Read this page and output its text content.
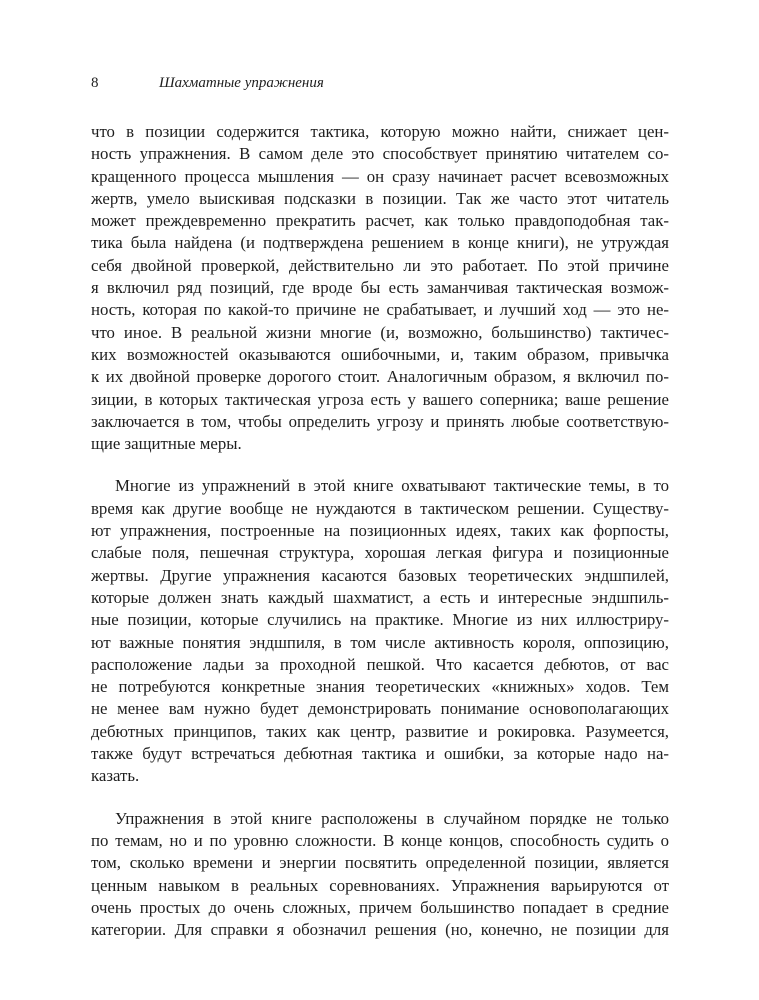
8	Шахматные упражнения
что в позиции содержится тактика, которую можно найти, снижает цен-
ность упражнения. В самом деле это способствует принятию читателем со-
кращенного процесса мышления — он сразу начинает расчет всевозможных
жертв, умело выискивая подсказки в позиции. Так же часто этот читатель
может преждевременно прекратить расчет, как только правдоподобная так-
тика была найдена (и подтверждена решением в конце книги), не утруждая
себя двойной проверкой, действительно ли это работает. По этой причине
я включил ряд позиций, где вроде бы есть заманчивая тактическая возмож-
ность, которая по какой-то причине не срабатывает, и лучший ход — это не-
что иное. В реальной жизни многие (и, возможно, большинство) тактичес-
ких возможностей оказываются ошибочными, и, таким образом, привычка
к их двойной проверке дорогого стоит. Аналогичным образом, я включил по-
зиции, в которых тактическая угроза есть у вашего соперника; ваше решение
заключается в том, чтобы определить угрозу и принять любые соответствую-
щие защитные меры.
Многие из упражнений в этой книге охватывают тактические темы, в то
время как другие вообще не нуждаются в тактическом решении. Существу-
ют упражнения, построенные на позиционных идеях, таких как форпосты,
слабые поля, пешечная структура, хорошая легкая фигура и позиционные
жертвы. Другие упражнения касаются базовых теоретических эндшпилей,
которые должен знать каждый шахматист, а есть и интересные эндшпиль-
ные позиции, которые случились на практике. Многие из них иллюстриру-
ют важные понятия эндшпиля, в том числе активность короля, оппозицию,
расположение ладьи за проходной пешкой. Что касается дебютов, от вас
не потребуются конкретные знания теоретических «книжных» ходов. Тем
не менее вам нужно будет демонстрировать понимание основополагающих
дебютных принципов, таких как центр, развитие и рокировка. Разумеется,
также будут встречаться дебютная тактика и ошибки, за которые надо на-
казать.
Упражнения в этой книге расположены в случайном порядке не только
по темам, но и по уровню сложности. В конце концов, способность судить о
том, сколько времени и энергии посвятить определенной позиции, является
ценным навыком в реальных соревнованиях. Упражнения варьируются от
очень простых до очень сложных, причем большинство попадает в средние
категории. Для справки я обозначил решения (но, конечно, не позиции для
